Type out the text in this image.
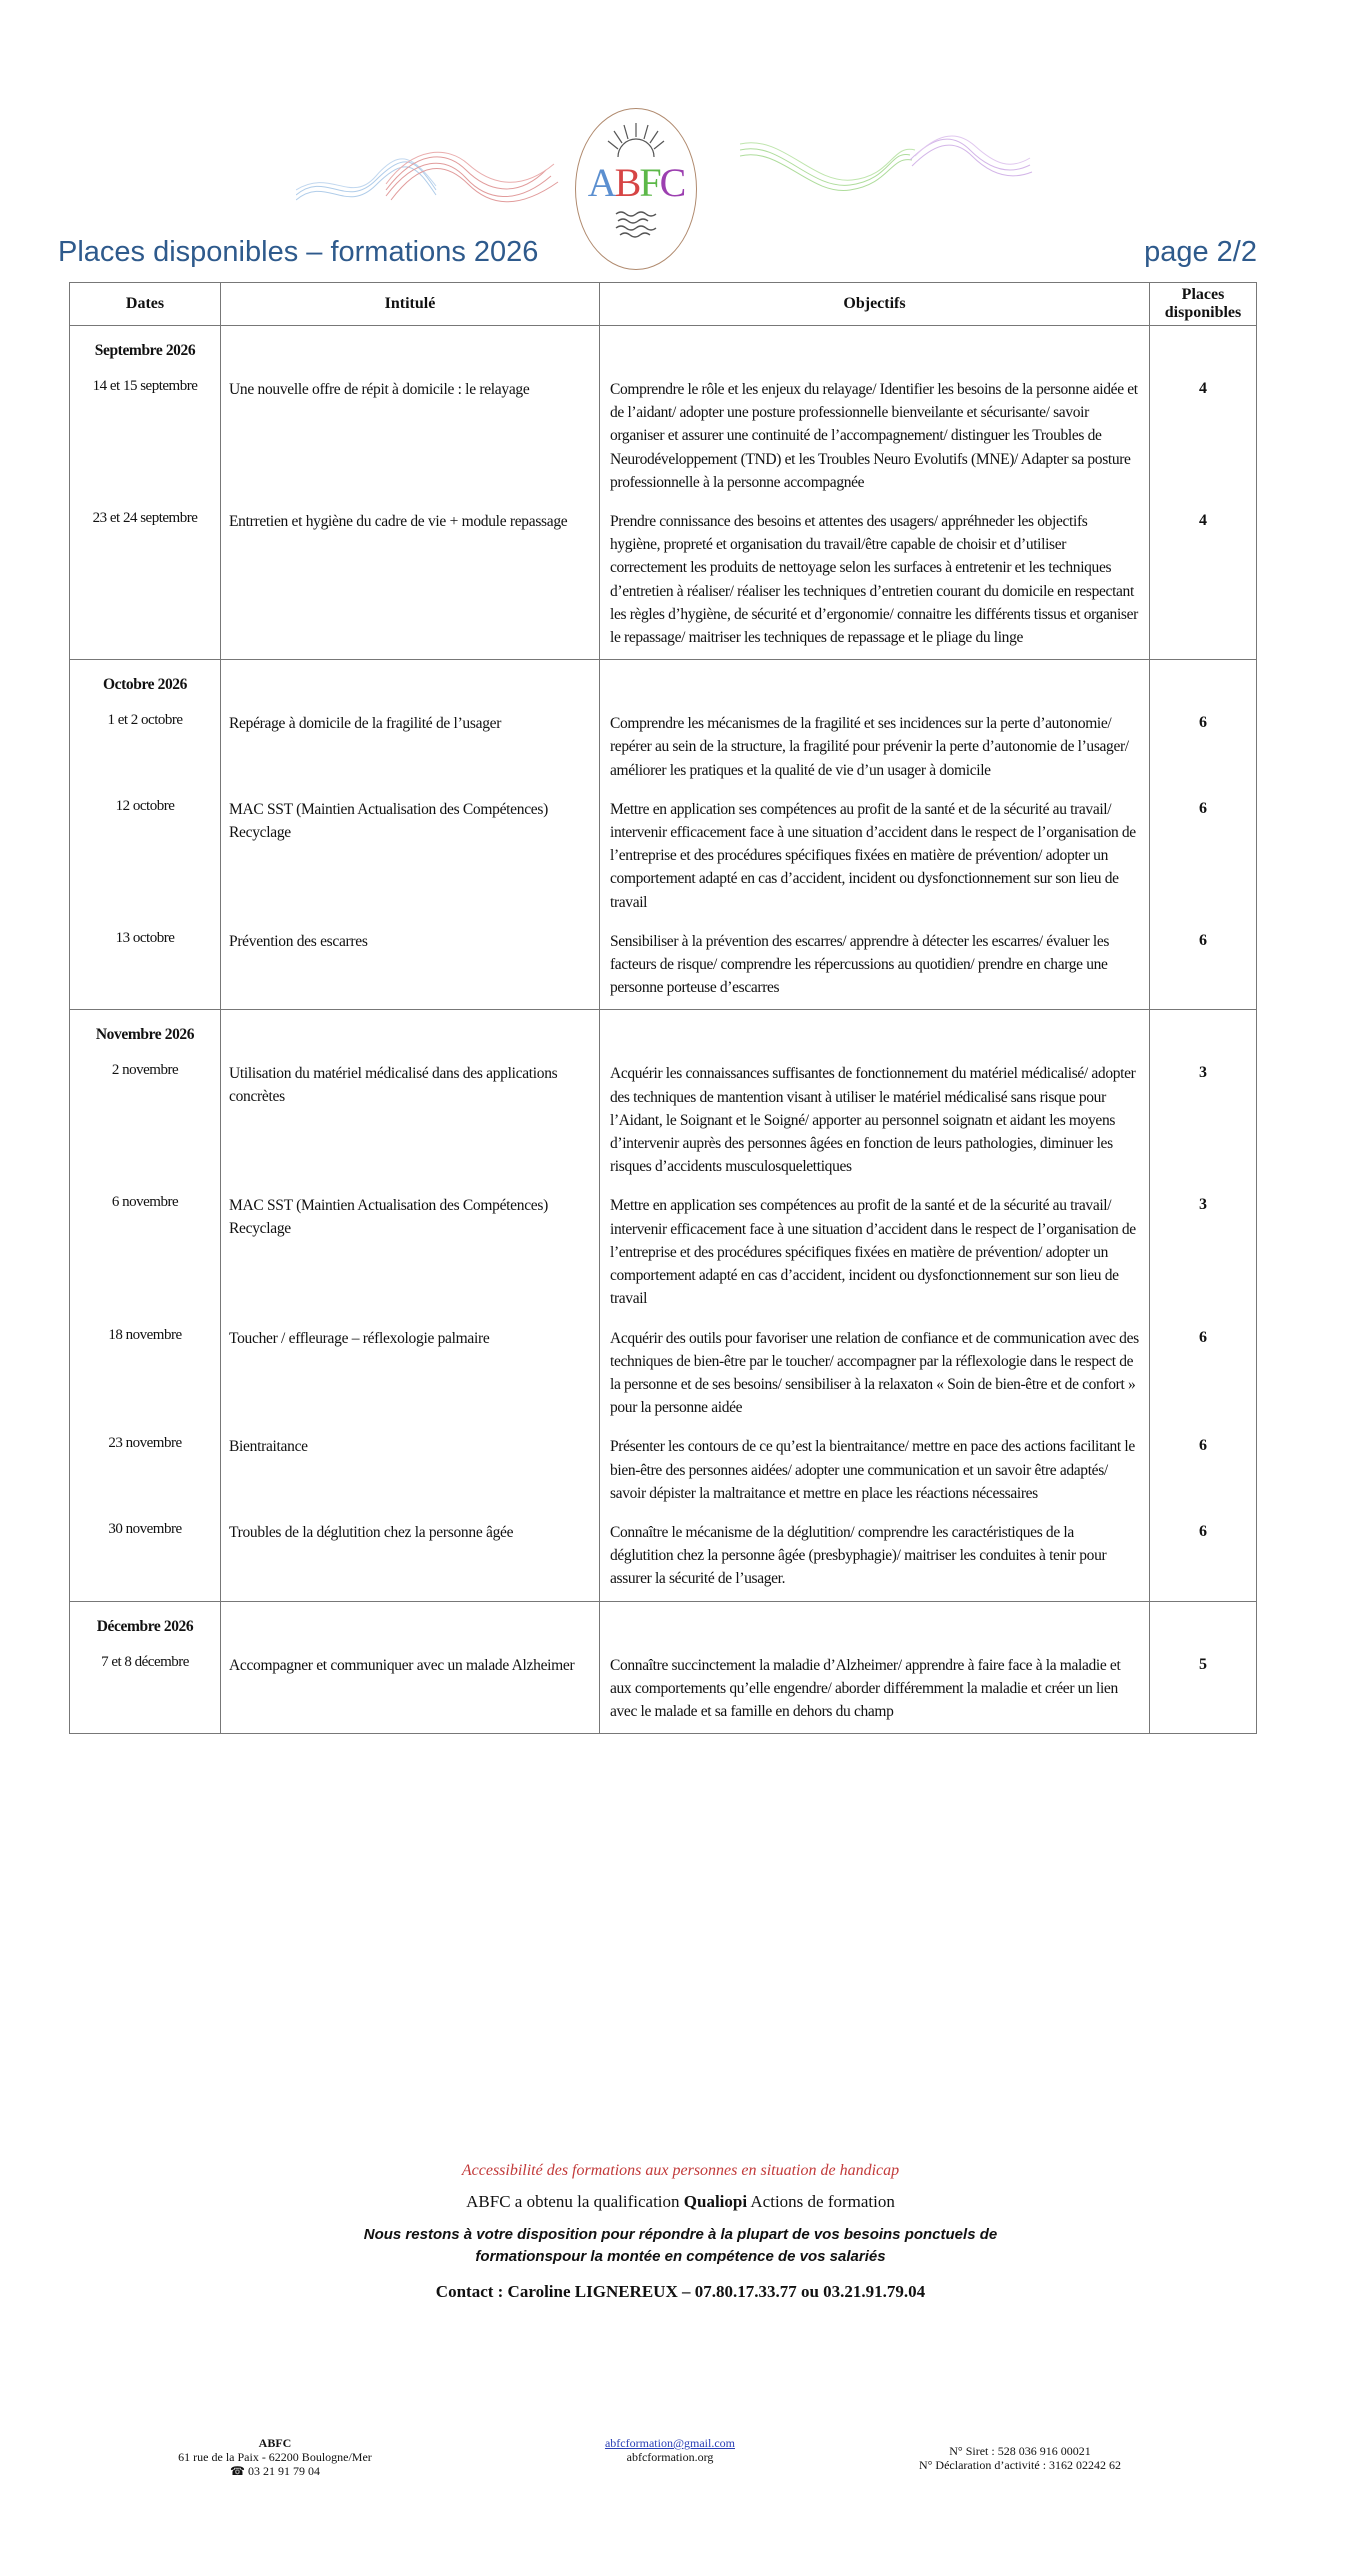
ABFC
Places disponibles – formations 2026	page 2/2
Dates	Intitulé	Objectifs	Places disponibles

Septembre 2026			

14 et 15 septembre	Une nouvelle offre de répit à domicile : le relayage	Comprendre le rôle et les enjeux du relayage/ Identifier les besoins de la personne aidée et de l’aidant/ adopter une posture professionnelle bienveilante et sécurisante/ savoir organiser et assurer une continuité de l’accompagnement/ distinguer les Troubles de Neurodéveloppement (TND) et les Troubles Neuro Evolutifs (MNE)/ Adapter sa posture professionnelle à la personne accompagnée	4

23 et 24 septembre	Entrretien et hygiène du cadre de vie + module repassage	Prendre connissance des besoins et attentes des usagers/ appréhneder les objectifs hygiène, propreté et organisation du travail/être capable de choisir et d’utiliser correctement les produits de nettoyage selon les surfaces à entretenir et les techniques d’entretien à réaliser/ réaliser les techniques d’entretien courant du domicile en respectant les règles d’hygiène, de sécurité et d’ergonomie/ connaitre les différents tissus et organiser le repassage/ maitriser les techniques de repassage et le pliage du linge	4

Octobre 2026			

1 et 2 octobre	Repérage à domicile de la fragilité de l’usager	Comprendre les mécanismes de la fragilité et ses incidences sur la perte d’autonomie/ repérer au sein de la structure, la fragilité pour prévenir la perte d’autonomie de l’usager/ améliorer les pratiques et la qualité de vie d’un usager à domicile	6

12 octobre	MAC SST (Maintien Actualisation des Compétences) Recyclage	Mettre en application ses compétences au profit de la santé et de la sécurité au travail/ intervenir efficacement face à une situation d’accident dans le respect de l’organisation de l’entreprise et des procédures spécifiques fixées en matière de prévention/ adopter un comportement adapté en cas d’accident, incident ou dysfonctionnement sur son lieu de travail	6

13 octobre	Prévention des escarres	Sensibiliser à la prévention des escarres/ apprendre à détecter les escarres/ évaluer les facteurs de risque/ comprendre les répercussions au quotidien/ prendre en charge une personne porteuse d’escarres	6

Novembre 2026			

2 novembre	Utilisation du matériel médicalisé dans des applications concrètes	Acquérir les connaissances suffisantes de fonctionnement du matériel médicalisé/ adopter des techniques de mantention visant à utiliser le matériel médicalisé sans risque pour l’Aidant, le Soignant et le Soigné/ apporter au personnel soignatn et aidant les moyens d’intervenir auprès des personnes âgées en fonction de leurs pathologies, diminuer les risques d’accidents musculosquelettiques	3

6 novembre	MAC SST (Maintien Actualisation des Compétences) Recyclage	Mettre en application ses compétences au profit de la santé et de la sécurité au travail/ intervenir efficacement face à une situation d’accident dans le respect de l’organisation de l’entreprise et des procédures spécifiques fixées en matière de prévention/ adopter un comportement adapté en cas d’accident, incident ou dysfonctionnement sur son lieu de travail	3

18 novembre	Toucher / effleurage – réflexologie palmaire	Acquérir des outils pour favoriser une relation de confiance et de communication avec des techniques de bien-être par le toucher/ accompagner par la réflexologie dans le respect de la personne et de ses besoins/ sensibiliser à la relaxaton « Soin de bien-être et de confort » pour la personne aidée	6

23 novembre	Bientraitance	Présenter les contours de ce qu’est la bientraitance/ mettre en pace des actions facilitant le bien-être des personnes aidées/ adopter une communication et un savoir être adaptés/ savoir dépister la maltraitance et mettre en place les réactions nécessaires	6

30 novembre	Troubles de la déglutition chez la personne âgée	Connaître le mécanisme de la déglutition/ comprendre les caractéristiques de la déglutition chez la personne âgée (presbyphagie)/ maitriser les conduites à tenir pour assurer la sécurité de l’usager.	6

Décembre 2026			

7 et 8 décembre	Accompagner et communiquer avec un malade Alzheimer	Connaître succinctement la maladie d’Alzheimer/ apprendre à faire face à la maladie et aux comportements qu’elle engendre/ aborder différemment la maladie et créer un lien avec le malade et sa famille en dehors du champ	5
Accessibilité des formations aux personnes en situation de handicap
ABFC a obtenu la qualification Qualiopi Actions de formation
Nous restons à votre disposition pour répondre à la plupart de vos besoins ponctuels de formationspour la montée en compétence de vos salariés
Contact : Caroline LIGNEREUX – 07.80.17.33.77 ou 03.21.91.79.04
ABFC
61 rue de la Paix - 62200 Boulogne/Mer
☎ 03 21 91 79 04
abfcformation@gmail.com
abfcformation.org	N° Siret : 528 036 916 00021
N° Déclaration d’activité : 3162 02242 62
